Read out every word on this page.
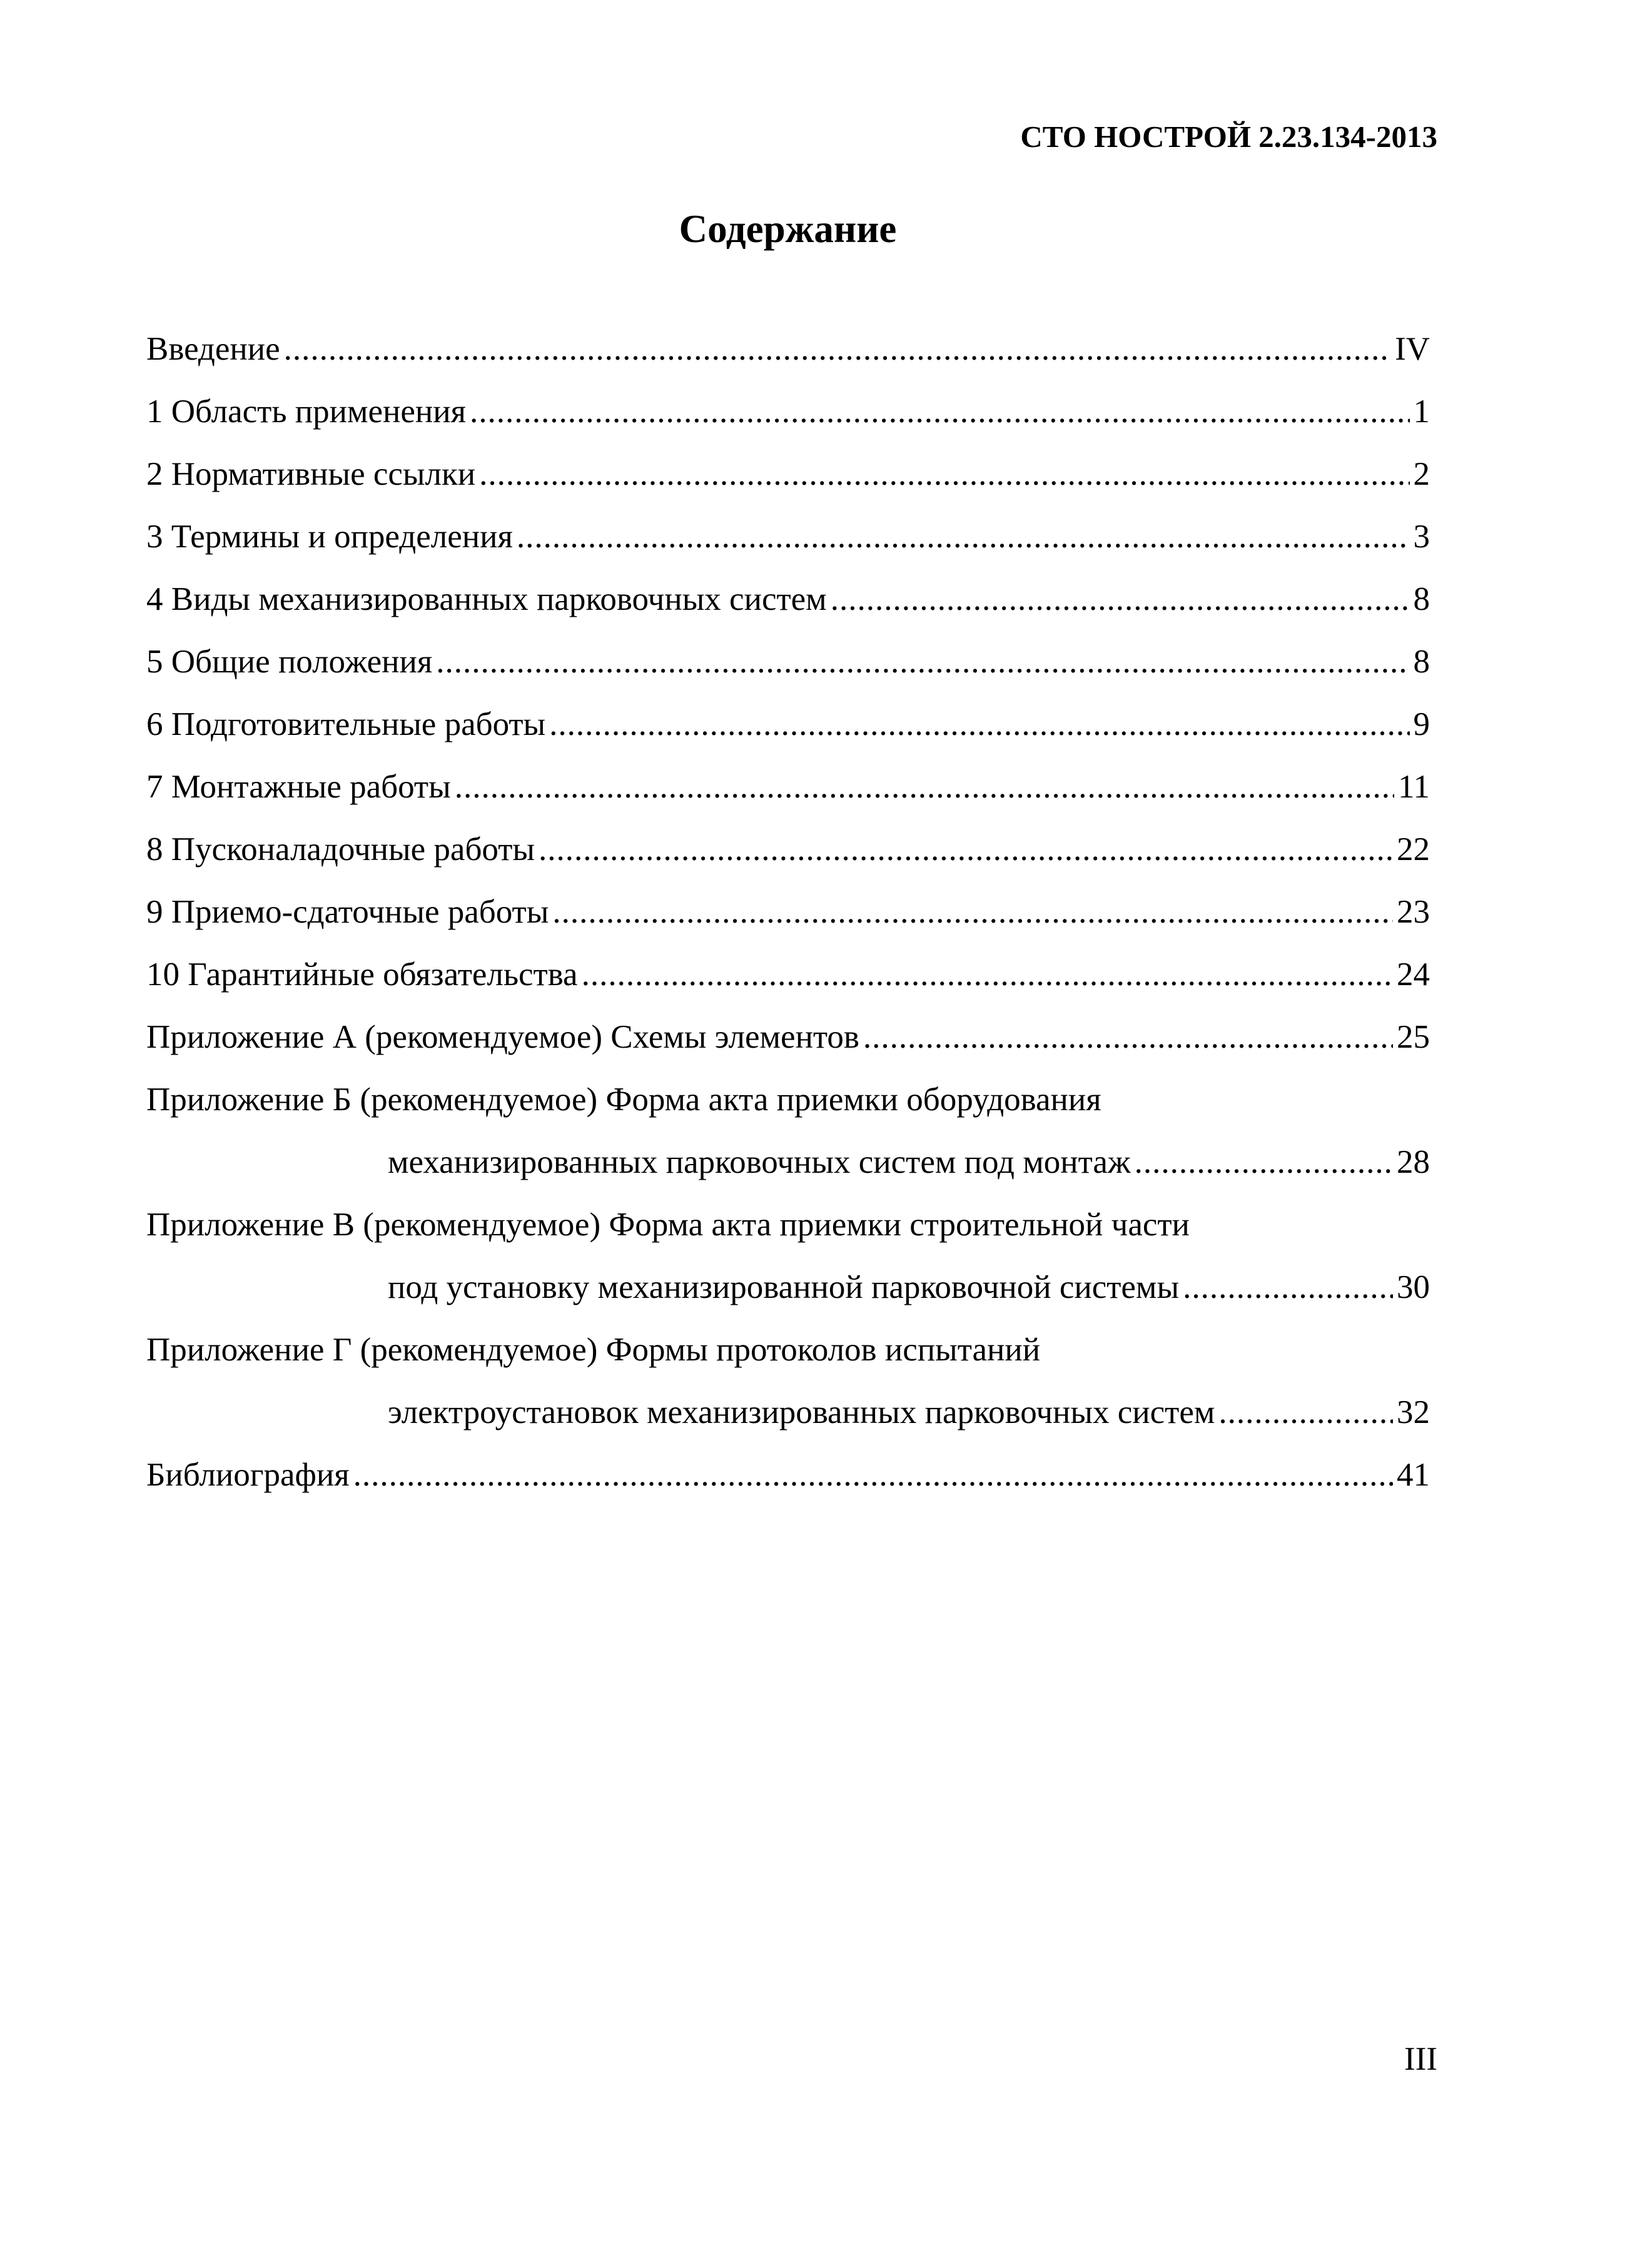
СТО НОСТРОЙ 2.23.134-2013
Содержание
Введение .....	IV
1 Область применения .....	1
2 Нормативные ссылки .....	2
3 Термины и определения .....	3
4 Виды механизированных парковочных систем .....	8
5 Общие положения .....	8
6 Подготовительные работы .....	9
7 Монтажные работы .....	11
8 Пусконаладочные работы .....	22
9 Приемо-сдаточные работы .....	23
10 Гарантийные обязательства .....	24
Приложение А (рекомендуемое) Схемы элементов .....	25
Приложение Б (рекомендуемое) Форма акта приемки оборудования
механизированных парковочных систем под монтаж .....	28
Приложение В (рекомендуемое) Форма акта приемки строительной части
под установку механизированной парковочной системы .....	30
Приложение Г (рекомендуемое) Формы протоколов испытаний
электроустановок механизированных парковочных систем .....	32
Библиография .....	41
III
